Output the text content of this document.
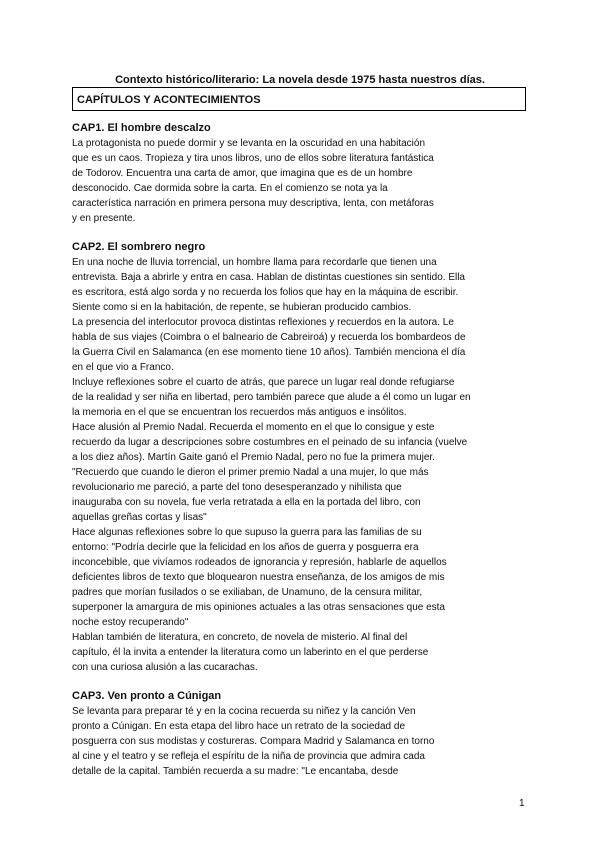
Contexto histórico/literario: La novela desde 1975 hasta nuestros días.
CAPÍTULOS Y ACONTECIMIENTOS
CAP1. El hombre descalzo
La protagonista no puede dormir y se levanta en la oscuridad en una habitación
que es un caos. Tropieza y tira unos libros, uno de ellos sobre literatura fantástica
de Todorov. Encuentra una carta de amor, que imagina que es de un hombre
desconocido. Cae dormida sobre la carta. En el comienzo se nota ya la
característica narración en primera persona muy descriptiva, lenta, con metáforas
y en presente.
CAP2. El sombrero negro
En una noche de lluvia torrencial, un hombre llama para recordarle que tienen una
entrevista. Baja a abrirle y entra en casa. Hablan de distintas cuestiones sin sentido. Ella
es escritora, está algo sorda y no recuerda los folios que hay en la máquina de escribir.
Siente como si en la habitación, de repente, se hubieran producido cambios.
La presencia del interlocutor provoca distintas reflexiones y recuerdos en la autora. Le
habla de sus viajes (Coimbra o el balneario de Cabreiroá) y recuerda los bombardeos de
la Guerra Civil en Salamanca (en ese momento tiene 10 años). También menciona el día
en el que vio a Franco.
Incluye reflexiones sobre el cuarto de atrás, que parece un lugar real donde refugiarse
de la realidad y ser niña en libertad, pero también parece que alude a él como un lugar en
la memoria en el que se encuentran los recuerdos más antiguos e insólitos.
Hace alusión al Premio Nadal. Recuerda el momento en el que lo consigue y este
recuerdo da lugar a descripciones sobre costumbres en el peinado de su infancia (vuelve
a los diez años). Martín Gaite ganó el Premio Nadal, pero no fue la primera mujer.
"Recuerdo que cuando le dieron el primer premio Nadal a una mujer, lo que más
revolucionario me pareció, a parte del tono desesperanzado y nihilista que
inauguraba con su novela, fue verla retratada a ella en la portada del libro, con
aquellas greñas cortas y lisas"
Hace algunas reflexiones sobre lo que supuso la guerra para las familias de su
entorno: "Podría decirle que la felicidad en los años de guerra y posguerra era
inconcebible, que vivíamos rodeados de ignorancia y represión, hablarle de aquellos
deficientes libros de texto que bloquearon nuestra enseñanza, de los amigos de mis
padres que morían fusilados o se exiliaban, de Unamuno, de la censura militar,
superponer la amargura de mis opiniones actuales a las otras sensaciones que esta
noche estoy recuperando"
Hablan también de literatura, en concreto, de novela de misterio. Al final del
capítulo, él la invita a entender la literatura como un laberinto en el que perderse
con una curiosa alusión a las cucarachas.
CAP3. Ven pronto a Cúnigan
Se levanta para preparar té y en la cocina recuerda su niñez y la canción Ven
pronto a Cúnigan. En esta etapa del libro hace un retrato de la sociedad de
posguerra con sus modistas y costureras. Compara Madrid y Salamanca en torno
al cine y el teatro y se refleja el espíritu de la niña de provincia que admira cada
detalle de la capital. También recuerda a su madre: "Le encantaba, desde
1
